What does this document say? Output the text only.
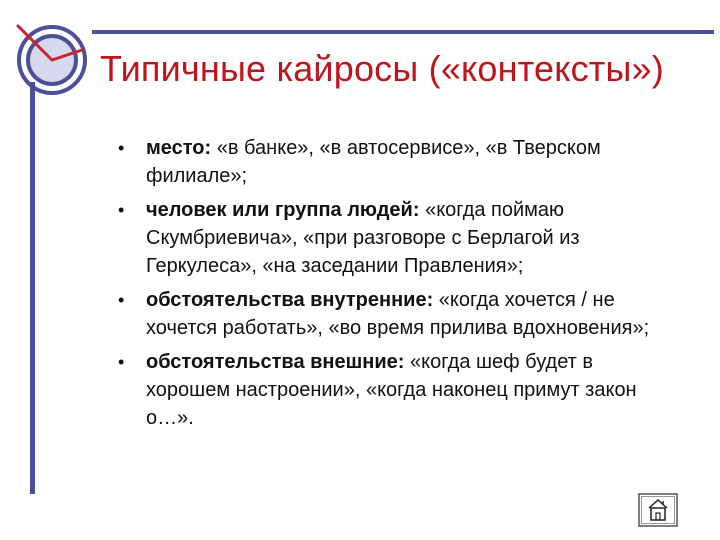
Типичные кайросы («контексты»)
• место: «в банке», «в автосервисе», «в Тверском филиале»;
• человек или группа людей: «когда поймаю Скумбриевича», «при разговоре с Берлагой из Геркулеса», «на заседании Правления»;
• обстоятельства внутренние: «когда хочется / не хочется работать», «во время прилива вдохновения»;
• обстоятельства внешние: «когда шеф будет в хорошем настроении», «когда наконец примут закон о…».
